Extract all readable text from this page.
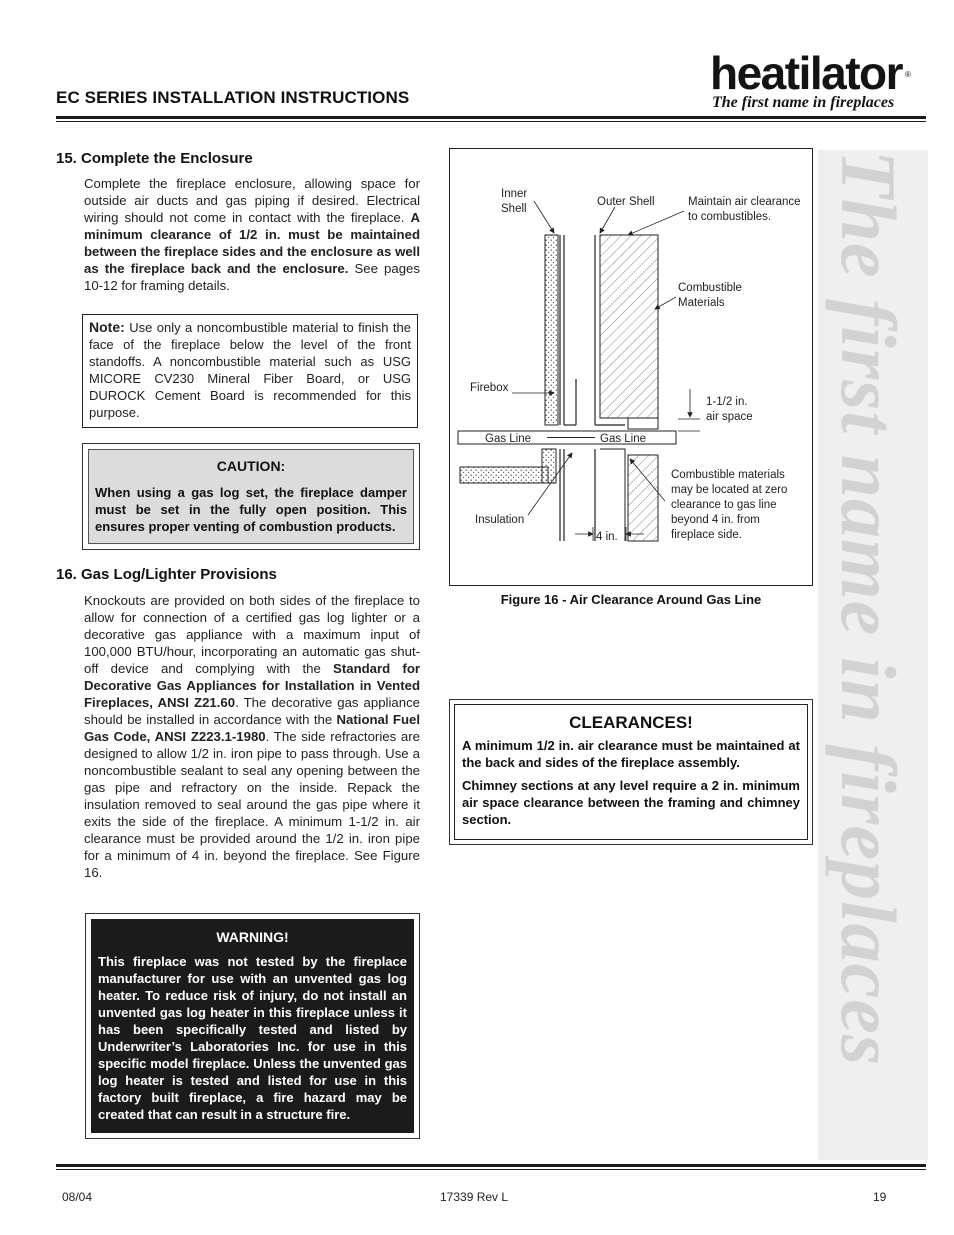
EC SERIES INSTALLATION INSTRUCTIONS	heatilator ®
The first name in fireplaces
The first name in fireplaces
15. Complete the Enclosure
Complete the fireplace enclosure, allowing space for outside air ducts and gas piping if desired. Electrical wiring should not come in contact with the fireplace. A minimum clearance of 1/2 in. must be maintained between the fireplace sides and the enclosure as well as the fireplace back and the enclosure. See pages 10-12 for framing details.
Note: Use only a noncombustible material to finish the face of the fireplace below the level of the front standoffs. A noncombustible material such as USG MICORE CV230 Mineral Fiber Board, or USG DUROCK Cement Board is recommended for this purpose.
CAUTION:
When using a gas log set, the fireplace damper must be set in the fully open position. This ensures proper venting of combustion products.
16. Gas Log/Lighter Provisions
Knockouts are provided on both sides of the fireplace to allow for connection of a certified gas log lighter or a decorative gas appliance with a maximum input of 100,000 BTU/hour, incorporating an automatic gas shut-off device and complying with the Standard for Decorative Gas Appliances for Installation in Vented Fireplaces, ANSI Z21.60. The decorative gas appliance should be installed in accordance with the National Fuel Gas Code, ANSI Z223.1-1980. The side refractories are designed to allow 1/2 in. iron pipe to pass through. Use a noncombustible sealant to seal any opening between the gas pipe and refractory on the inside. Repack the insulation removed to seal around the gas pipe where it exits the side of the fireplace. A minimum 1-1/2 in. air clearance must be provided around the 1/2 in. iron pipe for a minimum of 4 in. beyond the fireplace. See Figure 16.
WARNING!
This fireplace was not tested by the fireplace manufacturer for use with an unvented gas log heater. To reduce risk of injury, do not install an unvented gas log heater in this fireplace unless it has been specifically tested and listed by Underwriter’s Laboratories Inc. for use in this specific model fireplace. Unless the unvented gas log heater is tested and listed for use in this factory built fireplace, a fire hazard may be created that can result in a structure fire.
Inner
Shell
Outer Shell	Maintain air clearance
to combustibles.
Combustible
Materials
Firebox
1-1/2 in.
air space
Gas Line	Gas Line
Combustible materials
may be located at zero
clearance to gas line
beyond 4 in. from
fireplace side.
Insulation
4 in.
Figure 16 - Air Clearance Around Gas Line
CLEARANCES!

A minimum 1/2 in. air clearance must be maintained at the back and sides of the fireplace assembly.

Chimney sections at any level require a 2 in. minimum air space clearance between the framing and chimney section.

08/04	17339 Rev L	19
